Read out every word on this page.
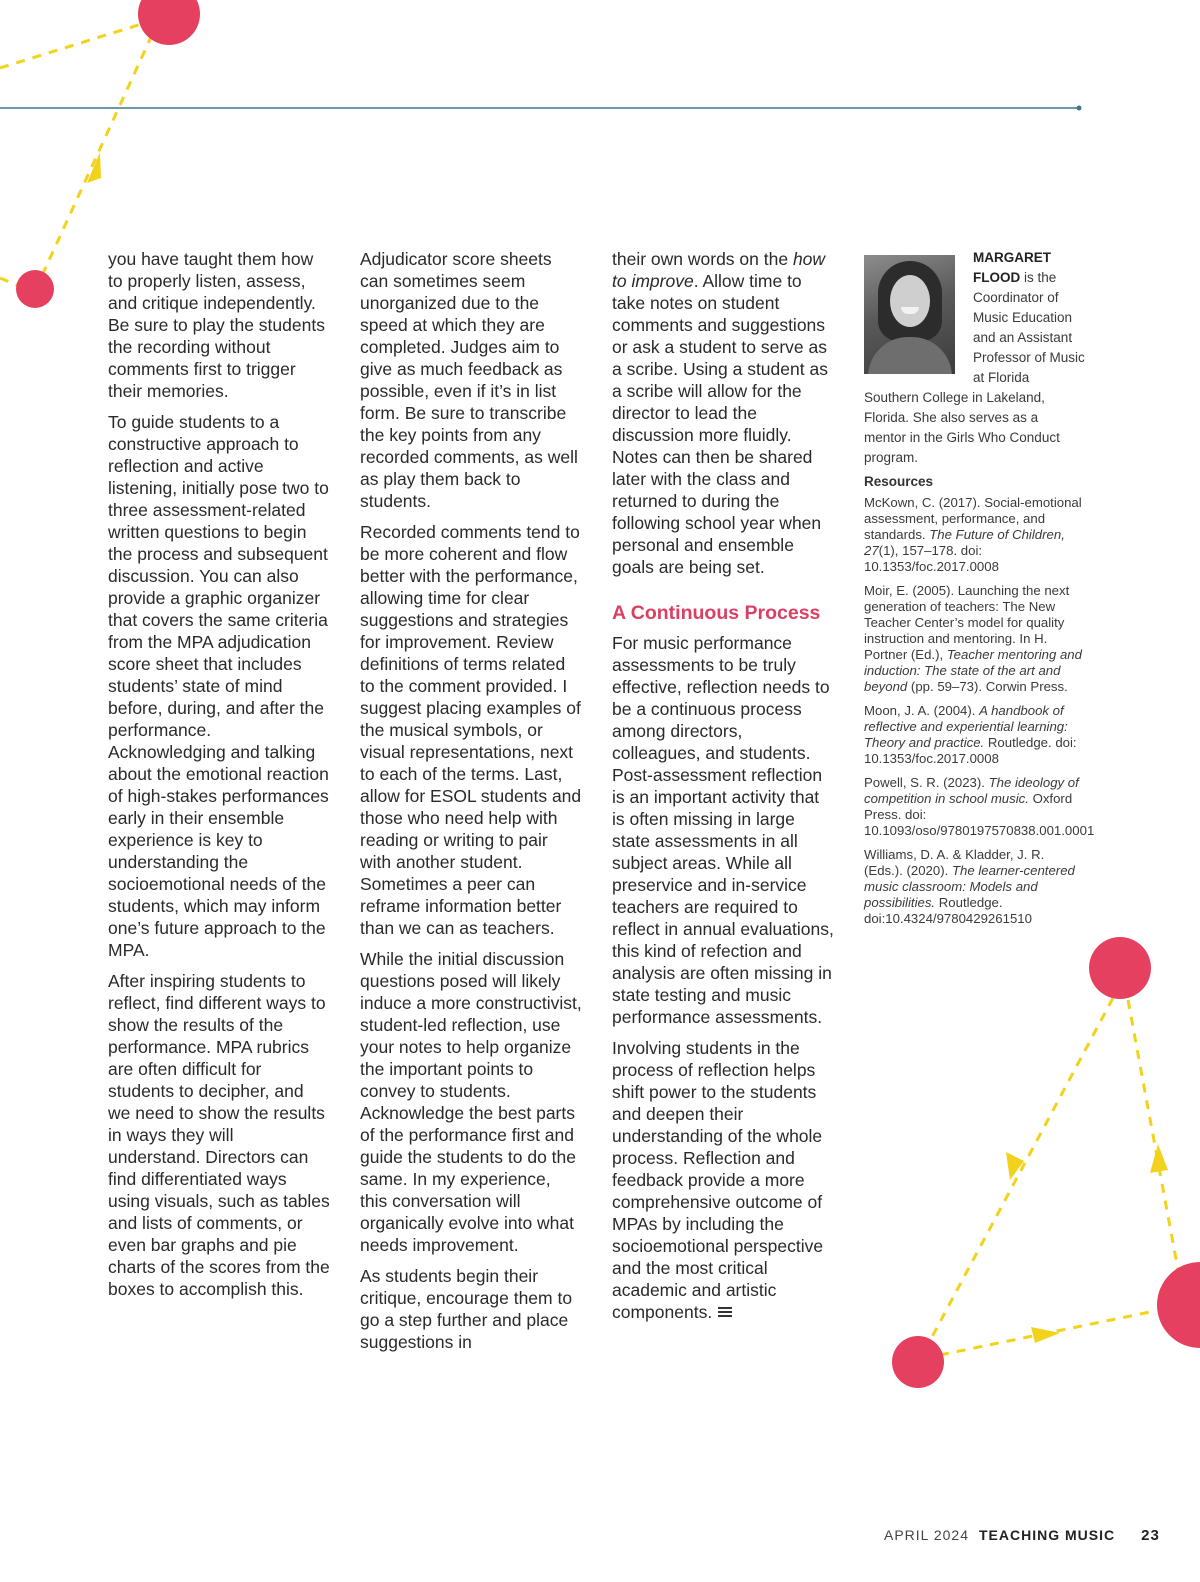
you have taught them how to properly listen, assess, and critique independently. Be sure to play the students the recording without comments first to trigger their memories.

To guide students to a constructive approach to reflection and active listening, initially pose two to three assessment-related written questions to begin the process and subsequent discussion. You can also provide a graphic organizer that covers the same criteria from the MPA adjudication score sheet that includes students’ state of mind before, during, and after the performance. Acknowledging and talking about the emotional reaction of high-stakes performances early in their ensemble experience is key to understanding the socioemotional needs of the students, which may inform one’s future approach to the MPA.

After inspiring students to reflect, find different ways to show the results of the performance. MPA rubrics are often difficult for students to decipher, and we need to show the results in ways they will understand. Directors can find differentiated ways using visuals, such as tables and lists of comments, or even bar graphs and pie charts of the scores from the boxes to accomplish this.

Adjudicator score sheets can sometimes seem unorganized due to the speed at which they are completed. Judges aim to give as much feedback as possible, even if it’s in list form. Be sure to transcribe the key points from any recorded comments, as well as play them back to students.

Recorded comments tend to be more coherent and flow better with the performance, allowing time for clear suggestions and strategies for improvement. Review definitions of terms related to the comment provided. I suggest placing examples of the musical symbols, or visual representations, next to each of the terms. Last, allow for ESOL students and those who need help with reading or writing to pair with another student. Sometimes a peer can reframe information better than we can as teachers.

While the initial discussion questions posed will likely induce a more constructivist, student-led reflection, use your notes to help organize the important points to convey to students. Acknowledge the best parts of the performance first and guide the students to do the same. In my experience, this conversation will organically evolve into what needs improvement.

As students begin their critique, encourage them to go a step further and place suggestions in

their own words on the how to improve. Allow time to take notes on student comments and suggestions or ask a student to serve as a scribe. Using a student as a scribe will allow for the director to lead the discussion more fluidly. Notes can then be shared later with the class and returned to during the following school year when personal and ensemble goals are being set.

A Continuous Process

For music performance assessments to be truly effective, reflection needs to be a continuous process among directors, colleagues, and students. Post-assessment reflection is an important activity that is often missing in large state assessments in all subject areas. While all preservice and in-service teachers are required to reflect in annual evaluations, this kind of refection and analysis are often missing in state testing and music performance assessments.

Involving students in the process of reflection helps shift power to the students and deepen their understanding of the whole process. Reflection and feedback provide a more comprehensive outcome of MPAs by including the socioemotional perspective and the most critical academic and artistic components.

MARGARET FLOOD is the Coordinator of Music Education and an Assistant Professor of Music at Florida
Southern College in Lakeland, Florida. She also serves as a mentor in the Girls Who Conduct program.
Resources

McKown, C. (2017). Social-emotional assessment, performance, and standards. The Future of Children, 27(1), 157–178. doi: 10.1353/foc.2017.0008

Moir, E. (2005). Launching the next generation of teachers: The New Teacher Center’s model for quality instruction and mentoring. In H. Portner (Ed.), Teacher mentoring and induction: The state of the art and beyond (pp. 59–73). Corwin Press.

Moon, J. A. (2004). A handbook of reflective and experiential learning: Theory and practice. Routledge. doi: 10.1353/foc.2017.0008

Powell, S. R. (2023). The ideology of competition in school music. Oxford Press. doi: 10.1093/oso/9780197570838.001.0001

Williams, D. A. & Kladder, J. R. (Eds.). (2020). The learner-centered music classroom: Models and possibilities. Routledge. doi:10.4324/9780429261510

APRIL 2024 TEACHING MUSIC 23
